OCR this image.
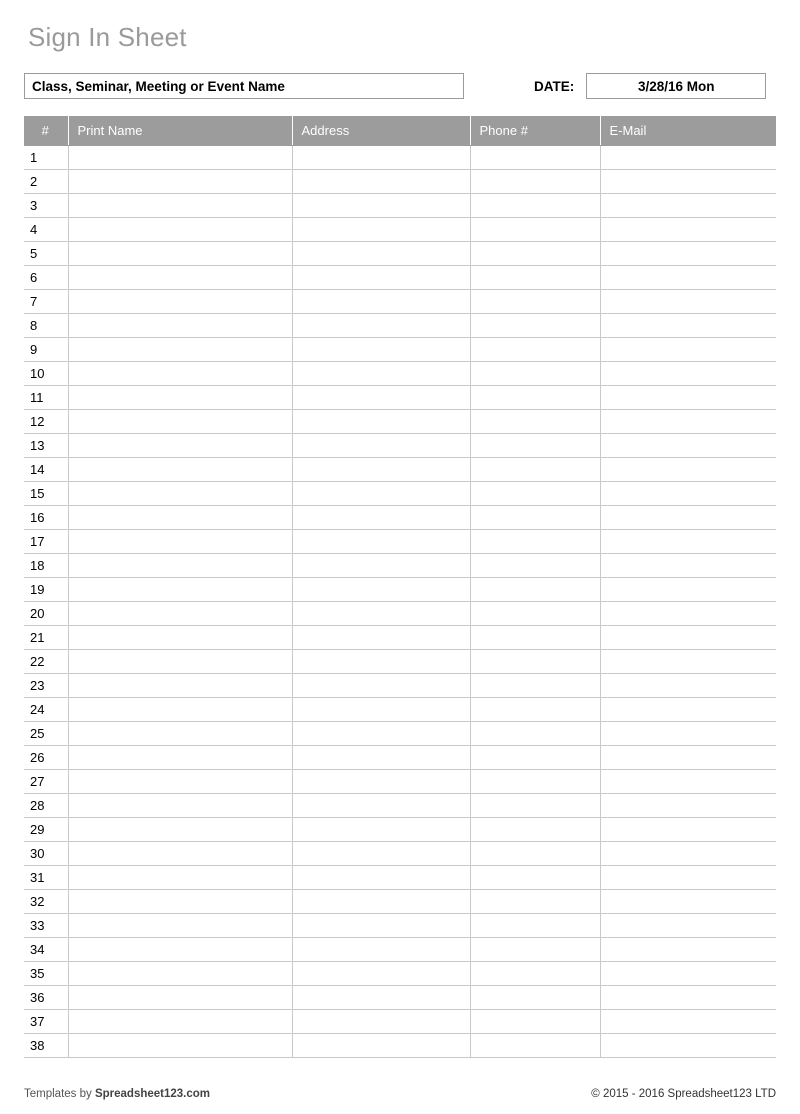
Sign In Sheet
Class, Seminar, Meeting or Event Name	DATE:	3/28/16 Mon
#	Print Name	Address	Phone #	E-Mail
1				
2				
3				
4				
5				
6				
7				
8				
9				
10				
11				
12				
13				
14				
15				
16				
17				
18				
19				
20				
21				
22				
23				
24				
25				
26				
27				
28				
29				
30				
31				
32				
33				
34				
35				
36				
37				
38				
Templates by Spreadsheet123.com	© 2015 - 2016 Spreadsheet123 LTD
